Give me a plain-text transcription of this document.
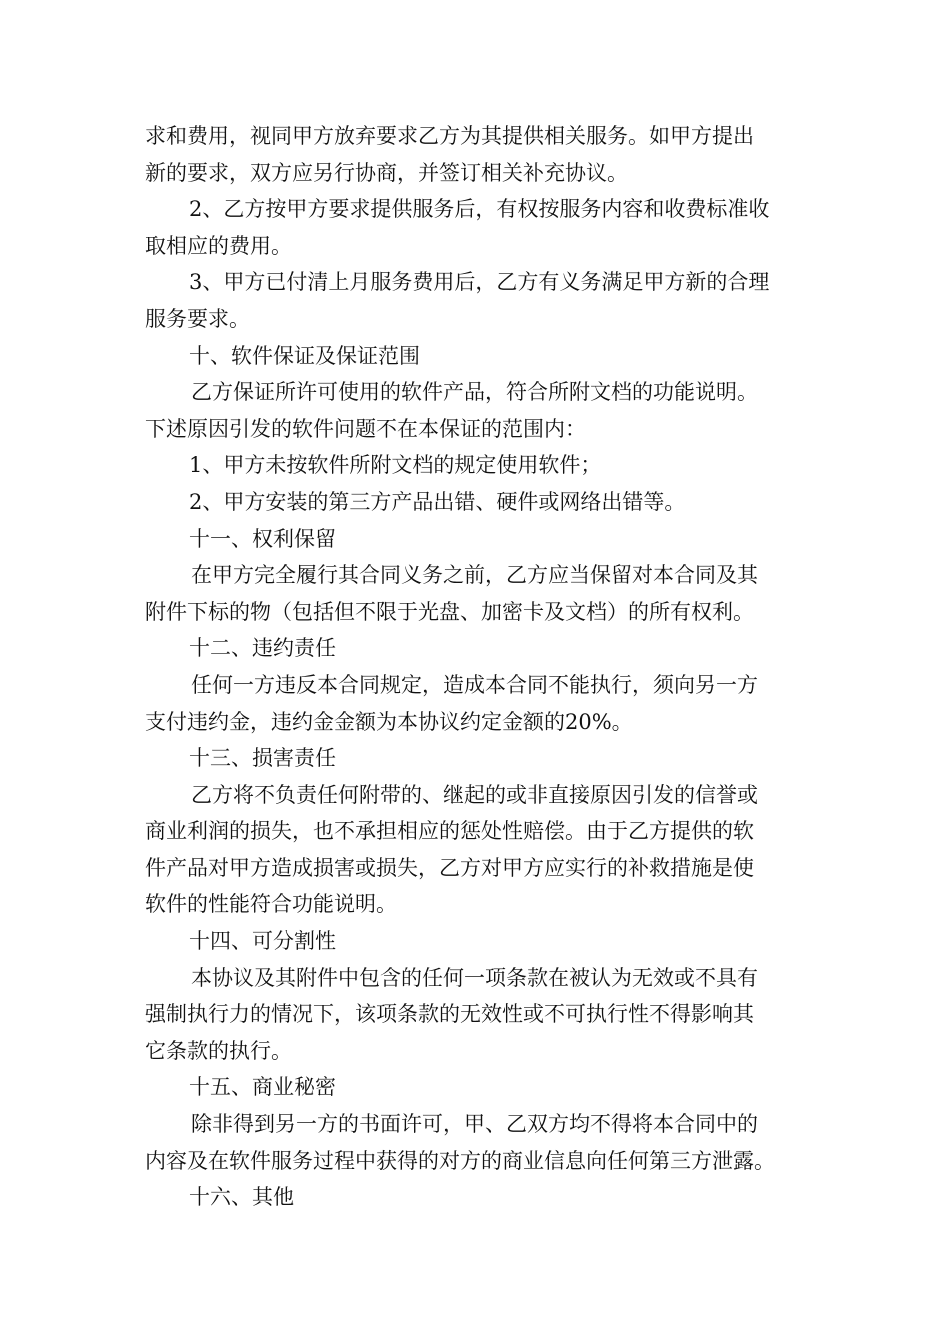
求和费用，视同甲方放弃要求乙方为其提供相关服务。如甲方提出
新的要求，双方应另行协商，并签订相关补充协议。
2、乙方按甲方要求提供服务后，有权按服务内容和收费标准收
取相应的费用。
3、甲方已付清上月服务费用后，乙方有义务满足甲方新的合理
服务要求。
十、软件保证及保证范围
乙方保证所许可使用的软件产品，符合所附文档的功能说明。
下述原因引发的软件问题不在本保证的范围内：
1、甲方未按软件所附文档的规定使用软件；
2、甲方安装的第三方产品出错、硬件或网络出错等。
十一、权利保留
在甲方完全履行其合同义务之前，乙方应当保留对本合同及其
附件下标的物（包括但不限于光盘、加密卡及文档）的所有权利。
十二、违约责任
任何一方违反本合同规定，造成本合同不能执行，须向另一方
支付违约金，违约金金额为本协议约定金额的20%。
十三、损害责任
乙方将不负责任何附带的、继起的或非直接原因引发的信誉或
商业利润的损失，也不承担相应的惩处性赔偿。由于乙方提供的软
件产品对甲方造成损害或损失，乙方对甲方应实行的补救措施是使
软件的性能符合功能说明。
十四、可分割性
本协议及其附件中包含的任何一项条款在被认为无效或不具有
强制执行力的情况下，该项条款的无效性或不可执行性不得影响其
它条款的执行。
十五、商业秘密
除非得到另一方的书面许可，甲、乙双方均不得将本合同中的
内容及在软件服务过程中获得的对方的商业信息向任何第三方泄露。
十六、其他
